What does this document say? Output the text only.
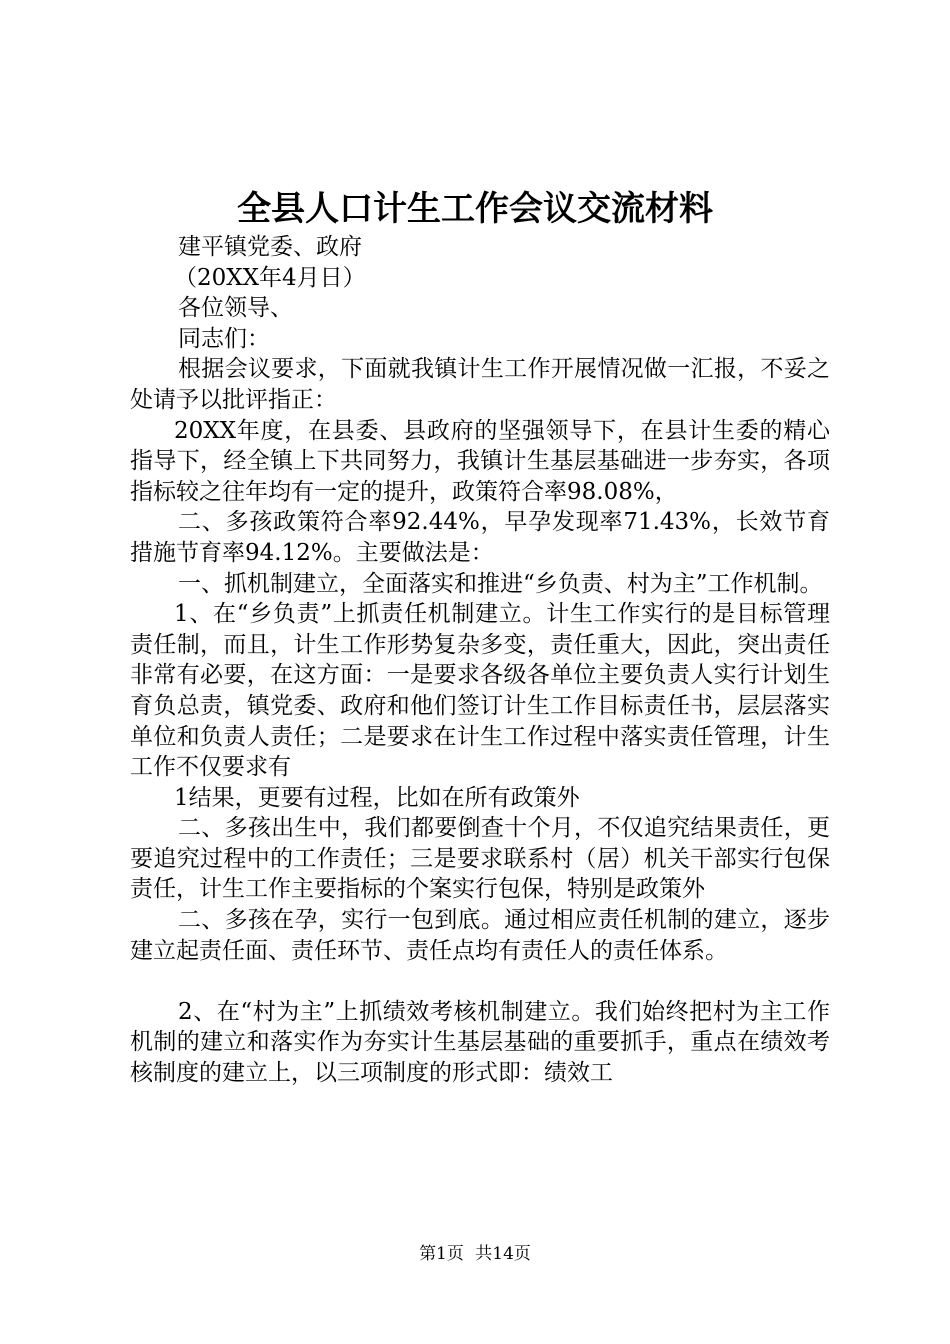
全县人口计生工作会议交流材料

建平镇党委、政府

（20XX年4月日）

各位领导、

同志们：

根据会议要求，下面就我镇计生工作开展情况做一汇报，不妥之处请予以批评指正：

20XX年度，在县委、县政府的坚强领导下，在县计生委的精心指导下，经全镇上下共同努力，我镇计生基层基础进一步夯实，各项指标较之往年均有一定的提升，政策符合率98.08%，

二、多孩政策符合率92.44%，早孕发现率71.43%，长效节育措施节育率94.12%。主要做法是：

一、抓机制建立，全面落实和推进“乡负责、村为主”工作机制。

1、在“乡负责”上抓责任机制建立。计生工作实行的是目标管理责任制，而且，计生工作形势复杂多变，责任重大，因此，突出责任非常有必要，在这方面：一是要求各级各单位主要负责人实行计划生育负总责，镇党委、政府和他们签订计生工作目标责任书，层层落实单位和负责人责任；二是要求在计生工作过程中落实责任管理，计生工作不仅要求有

1结果，更要有过程，比如在所有政策外

二、多孩出生中，我们都要倒查十个月，不仅追究结果责任，更要追究过程中的工作责任；三是要求联系村（居）机关干部实行包保责任，计生工作主要指标的个案实行包保，特别是政策外

二、多孩在孕，实行一包到底。通过相应责任机制的建立，逐步建立起责任面、责任环节、责任点均有责任人的责任体系。

2、在“村为主”上抓绩效考核机制建立。我们始终把村为主工作机制的建立和落实作为夯实计生基层基础的重要抓手，重点在绩效考核制度的建立上，以三项制度的形式即：绩效工

第1页 共14页
